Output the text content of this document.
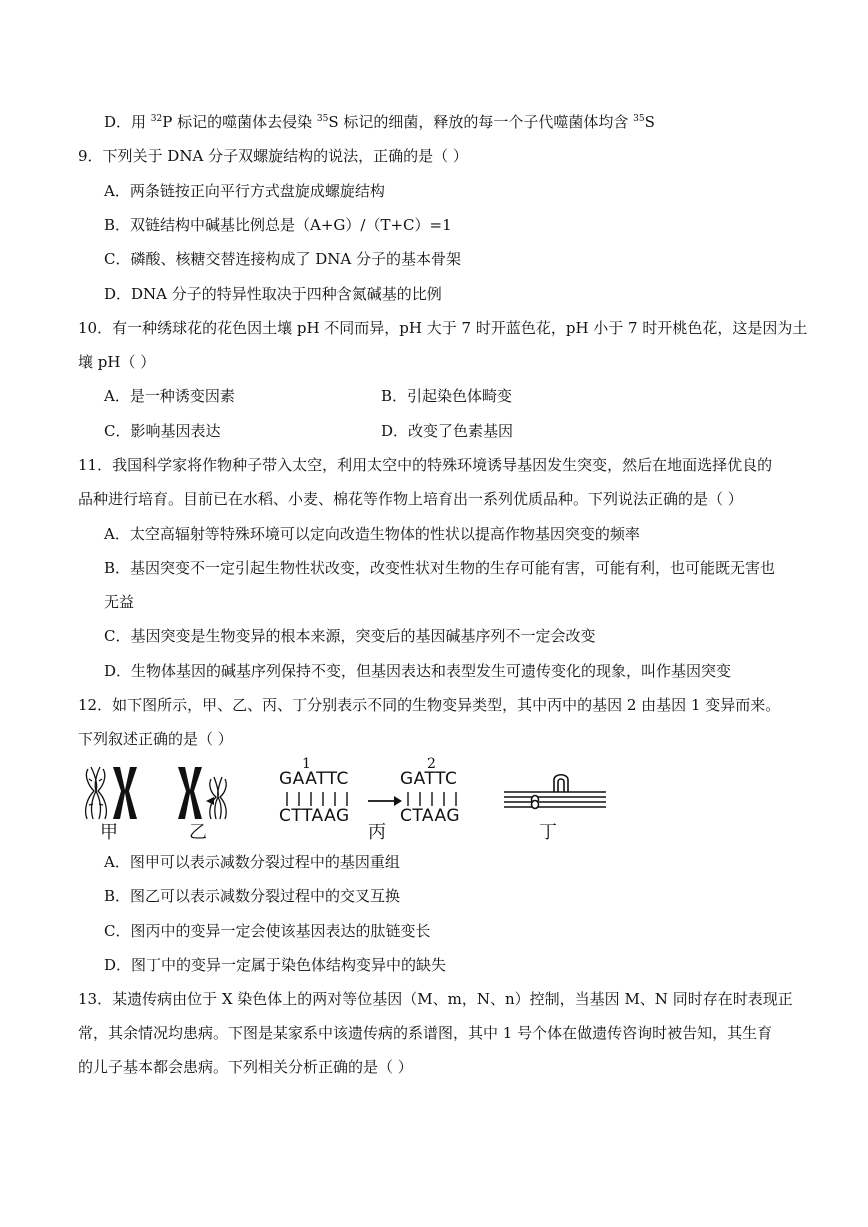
D．用 $^{32}$P 标记的噬菌体去侵染 $^{35}$S 标记的细菌，释放的每一个子代噬菌体均含 $^{35}$S
9．下列关于 DNA 分子双螺旋结构的说法，正确的是（ ）
A．两条链按正向平行方式盘旋成螺旋结构
B．双链结构中碱基比例总是（A+G）/（T+C）=1
C．磷酸、核糖交替连接构成了 DNA 分子的基本骨架
D．DNA 分子的特异性取决于四种含氮碱基的比例
10．有一种绣球花的花色因土壤 pH 不同而异，pH 大于 7 时开蓝色花，pH 小于 7 时开桃色花，这是因为土
壤 pH（ ）
A．是一种诱变因素	B．引起染色体畸变
C．影响基因表达	D．改变了色素基因
11．我国科学家将作物种子带入太空，利用太空中的特殊环境诱导基因发生突变，然后在地面选择优良的
品种进行培育。目前已在水稻、小麦、棉花等作物上培育出一系列优质品种。下列说法正确的是（ ）
A．太空高辐射等特殊环境可以定向改造生物体的性状以提高作物基因突变的频率
B．基因突变不一定引起生物性状改变，改变性状对生物的生存可能有害，可能有利，也可能既无害也
无益
C．基因突变是生物变异的根本来源，突变后的基因碱基序列不一定会改变
D．生物体基因的碱基序列保持不变，但基因表达和表型发生可遗传变化的现象，叫作基因突变
12．如下图所示，甲、乙、丙、丁分别表示不同的生物变异类型，其中丙中的基因 2 由基因 1 变异而来。
下列叙述正确的是（ ）
甲	乙	丙	丁
1	2
GAATTC
CTTAAG
GATTC
CTAAG
A．图甲可以表示减数分裂过程中的基因重组
B．图乙可以表示减数分裂过程中的交叉互换
C．图丙中的变异一定会使该基因表达的肽链变长
D．图丁中的变异一定属于染色体结构变异中的缺失
13．某遗传病由位于 X 染色体上的两对等位基因（M、m，N、n）控制，当基因 M、N 同时存在时表现正
常，其余情况均患病。下图是某家系中该遗传病的系谱图，其中 1 号个体在做遗传咨询时被告知，其生育
的儿子基本都会患病。下列相关分析正确的是（ ）
